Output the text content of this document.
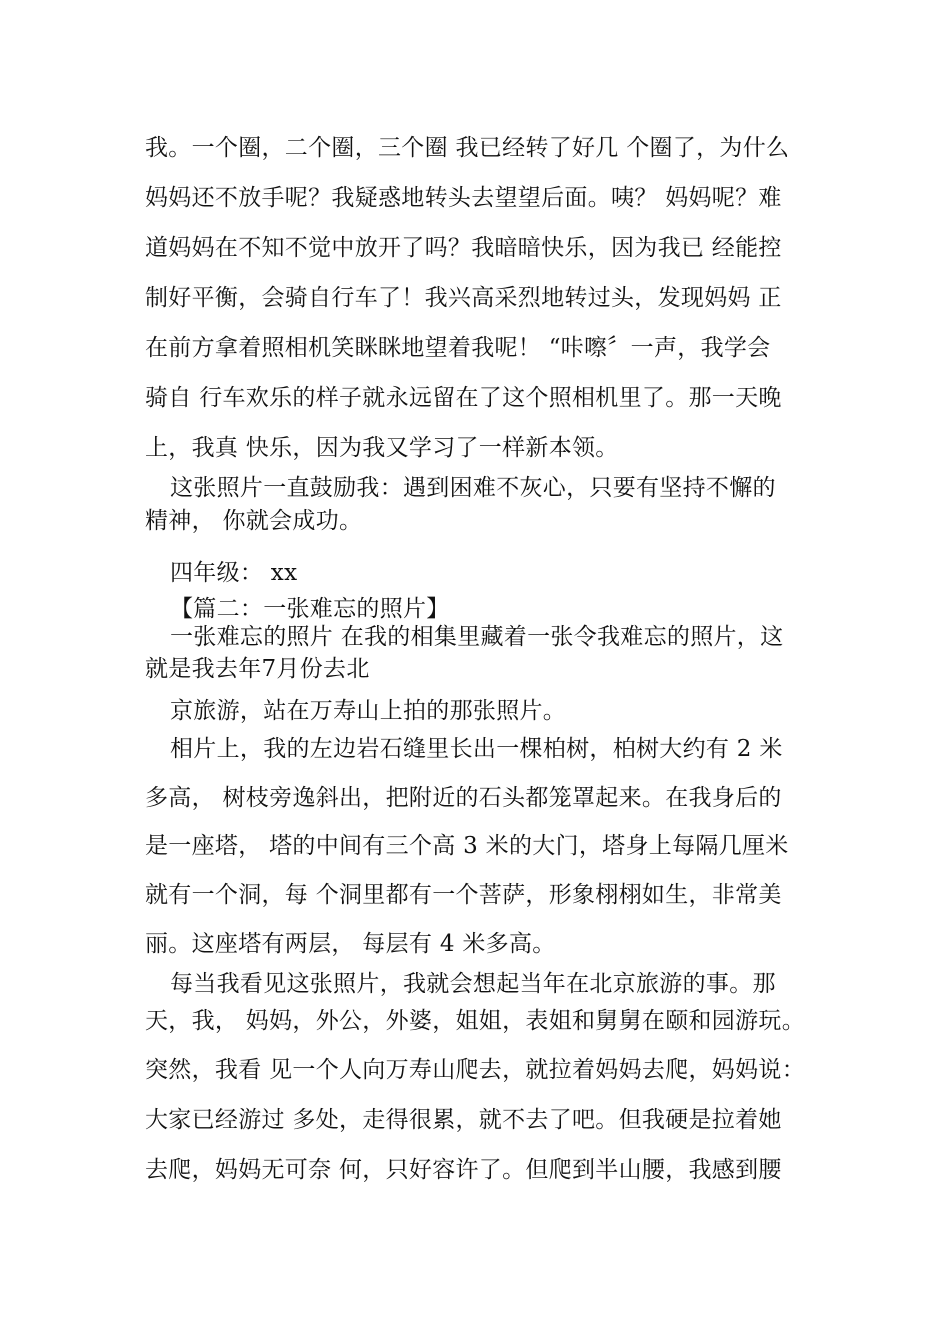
我。一个圈，二个圈，三个圈 我已经转了好几 个圈了，为什么
妈妈还不放手呢？我疑惑地转头去望望后面。咦？ 妈妈呢？难
道妈妈在不知不觉中放开了吗？我暗暗快乐，因为我已 经能控
制好平衡，会骑自行车了！我兴高采烈地转过头，发现妈妈 正
在前方拿着照相机笑眯眯地望着我呢！ “咔嚓〞一声，我学会
骑自 行车欢乐的样子就永远留在了这个照相机里了。那一天晚
上，我真 快乐，因为我又学习了一样新本领。
这张照片一直鼓励我：遇到困难不灰心，只要有坚持不懈的
精神， 你就会成功。
四年级： xx
【篇二：一张难忘的照片】
一张难忘的照片 在我的相集里藏着一张令我难忘的照片，这
就是我去年7月份去北
京旅游，站在万寿山上拍的那张照片。
相片上，我的左边岩石缝里长出一棵柏树，柏树大约有 2 米
多高， 树枝旁逸斜出，把附近的石头都笼罩起来。在我身后的
是一座塔， 塔的中间有三个高 3 米的大门，塔身上每隔几厘米
就有一个洞，每 个洞里都有一个菩萨，形象栩栩如生，非常美
丽。这座塔有两层， 每层有 4 米多高。
每当我看见这张照片，我就会想起当年在北京旅游的事。那
天，我， 妈妈，外公，外婆，姐姐，表姐和舅舅在颐和园游玩。
突然，我看 见一个人向万寿山爬去，就拉着妈妈去爬，妈妈说：
大家已经游过 多处，走得很累，就不去了吧。但我硬是拉着她
去爬，妈妈无可奈 何，只好容许了。但爬到半山腰，我感到腰
